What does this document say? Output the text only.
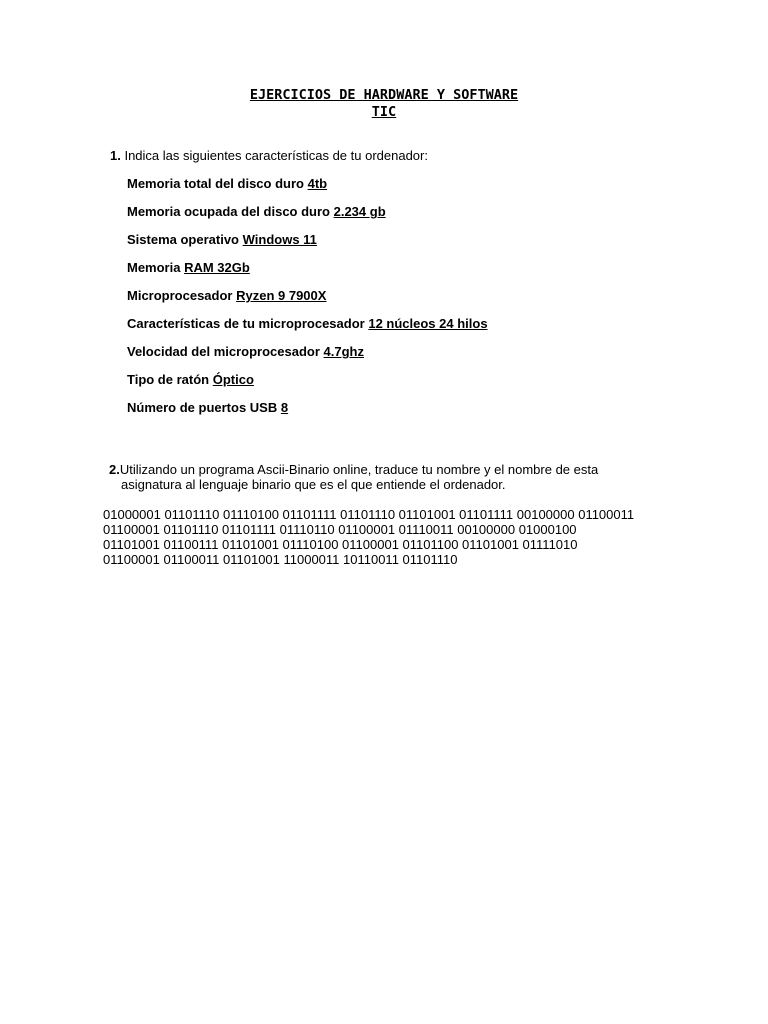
EJERCICIOS DE HARDWARE Y SOFTWARE
TIC
1. Indica las siguientes características de tu ordenador:
Memoria total del disco duro 4tb
Memoria ocupada del disco duro 2.234 gb
Sistema operativo Windows 11
Memoria RAM 32Gb
Microprocesador Ryzen 9 7900X
Características de tu microprocesador 12 núcleos 24 hilos
Velocidad del microprocesador 4.7ghz
Tipo de ratón Óptico
Número de puertos USB 8
2.Utilizando un programa Ascii-Binario online, traduce tu nombre y el nombre de esta
asignatura al lenguaje binario que es el que entiende el ordenador.
01000001 01101110 01110100 01101111 01101110 01101001 01101111 00100000 01100011
01100001 01101110 01101111 01110110 01100001 01110011 00100000 01000100
01101001 01100111 01101001 01110100 01100001 01101100 01101001 01111010
01100001 01100011 01101001 11000011 10110011 01101110
